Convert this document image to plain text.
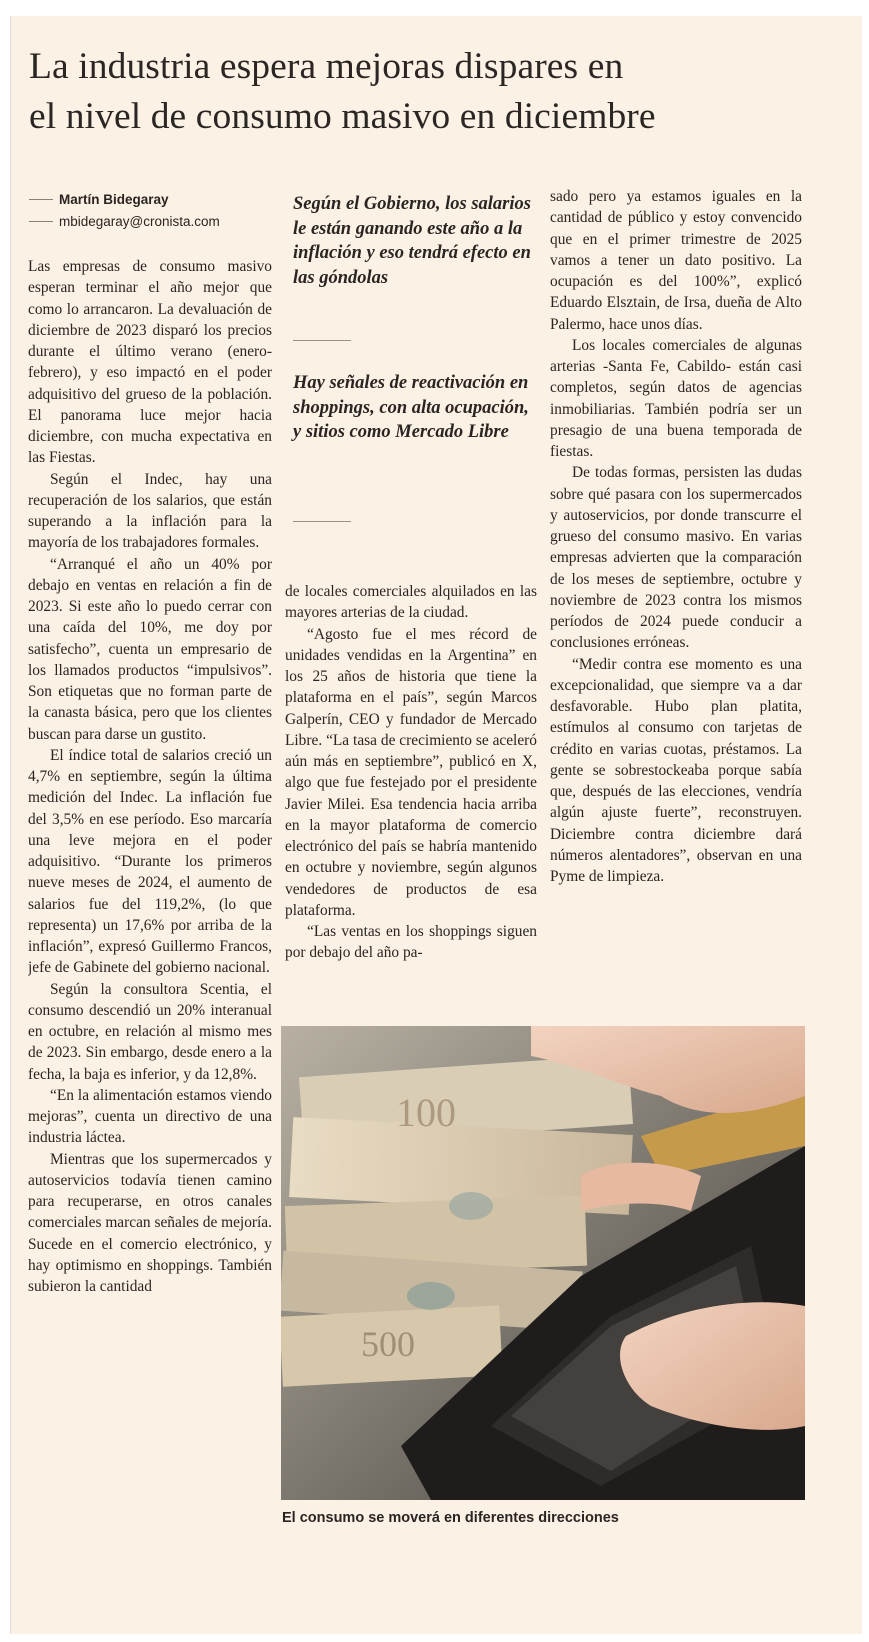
La industria espera mejoras dispares en
el nivel de consumo masivo en diciembre
Martín Bidegaray
mbidegaray@cronista.com

Las empresas de consumo masivo esperan terminar el año mejor que como lo arrancaron. La devaluación de diciembre de 2023 disparó los precios durante el último verano (enero-febrero), y eso impactó en el poder adquisitivo del grueso de la población. El panorama luce mejor hacia diciembre, con mucha expectativa en las Fiestas.

Según el Indec, hay una recuperación de los salarios, que están superando a la inflación para la mayoría de los trabajadores formales.

“Arranqué el año un 40% por debajo en ventas en relación a fin de 2023. Si este año lo puedo cerrar con una caída del 10%, me doy por satisfecho”, cuenta un empresario de los llamados productos “impulsivos”. Son etiquetas que no forman parte de la canasta básica, pero que los clientes buscan para darse un gustito.

El índice total de salarios creció un 4,7% en septiembre, según la última medición del Indec. La inflación fue del 3,5% en ese período. Eso marcaría una leve mejora en el poder adquisitivo. “Durante los primeros nueve meses de 2024, el aumento de salarios fue del 119,2%, (lo que representa) un 17,6% por arriba de la inflación”, expresó Guillermo Francos, jefe de Gabinete del gobierno nacional.

Según la consultora Scentia, el consumo descendió un 20% interanual en octubre, en relación al mismo mes de 2023. Sin embargo, desde enero a la fecha, la baja es inferior, y da 12,8%.

“En la alimentación estamos viendo mejoras”, cuenta un directivo de una industria láctea.

Mientras que los supermercados y autoservicios todavía tienen camino para recuperarse, en otros canales comerciales marcan señales de mejoría. Sucede en el comercio electrónico, y hay optimismo en shoppings. También subieron la cantidad

Según el Gobierno, los salarios le están ganando este año a la inflación y eso tendrá efecto en las góndolas

Hay señales de reactivación en shoppings, con alta ocupación, y sitios como Mercado Libre

de locales comerciales alquilados en las mayores arterias de la ciudad.

“Agosto fue el mes récord de unidades vendidas en la Argentina” en los 25 años de historia que tiene la plataforma en el país”, según Marcos Galperín, CEO y fundador de Mercado Libre. “La tasa de crecimiento se aceleró aún más en septiembre”, publicó en X, algo que fue festejado por el presidente Javier Milei. Esa tendencia hacia arriba en la mayor plataforma de comercio electrónico del país se habría mantenido en octubre y noviembre, según algunos vendedores de productos de esa plataforma.

“Las ventas en los shoppings siguen por debajo del año pa-

sado pero ya estamos iguales en la cantidad de público y estoy convencido que en el primer trimestre de 2025 vamos a tener un dato positivo. La ocupación es del 100%”, explicó Eduardo Elsztain, de Irsa, dueña de Alto Palermo, hace unos días.

Los locales comerciales de algunas arterias -Santa Fe, Cabildo- están casi completos, según datos de agencias inmobiliarias. También podría ser un presagio de una buena temporada de fiestas.

De todas formas, persisten las dudas sobre qué pasara con los supermercados y autoservicios, por donde transcurre el grueso del consumo masivo. En varias empresas advierten que la comparación de los meses de septiembre, octubre y noviembre de 2023 contra los mismos períodos de 2024 puede conducir a conclusiones erróneas.

“Medir contra ese momento es una excepcionalidad, que siempre va a dar desfavorable. Hubo plan platita, estímulos al consumo con tarjetas de crédito en varias cuotas, préstamos. La gente se sobrestockeaba porque sabía que, después de las elecciones, vendría algún ajuste fuerte”, reconstruyen. Diciembre contra diciembre dará números alentadores”, observan en una Pyme de limpieza.

100
500
El consumo se moverá en diferentes direcciones
